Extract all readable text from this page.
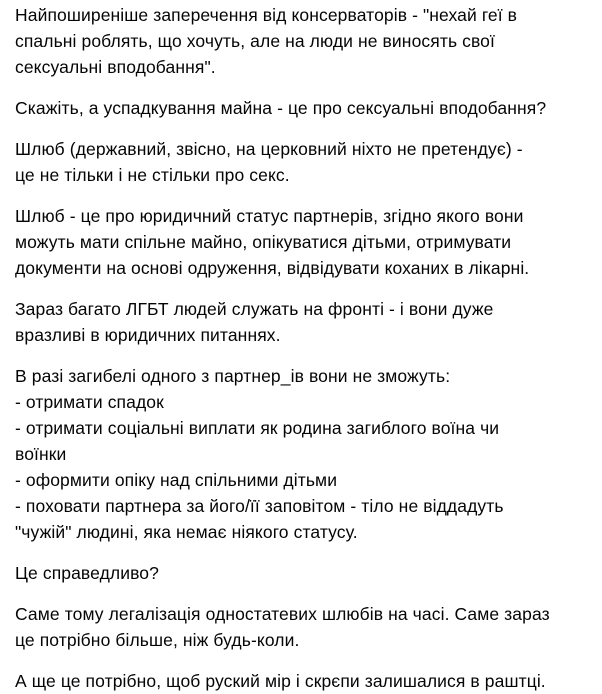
Найпоширеніше заперечення від консерваторів - "нехай геї в
спальні роблять, що хочуть, але на люди не виносять свої
сексуальні вподобання".

Скажіть, а успадкування майна - це про сексуальні вподобання?

Шлюб (державний, звісно, на церковний ніхто не претендує) -
це не тільки і не стільки про секс.

Шлюб - це про юридичний статус партнерів, згідно якого вони
можуть мати спільне майно, опікуватися дітьми, отримувати
документи на основі одруження, відвідувати коханих в лікарні.

Зараз багато ЛГБТ людей служать на фронті - і вони дуже
вразливі в юридичних питаннях.

В разі загибелі одного з партнер_ів вони не зможуть:
- отримати спадок
- отримати соціальні виплати як родина загиблого воїна чи
воїнки
- оформити опіку над спільними дітьми
- поховати партнера за його/її заповітом - тіло не віддадуть
"чужій" людині, яка немає ніякого статусу.

Це справедливо?

Саме тому легалізація одностатевих шлюбів на часі. Саме зараз
це потрібно більше, ніж будь-коли.

А ще це потрібно, щоб руский мір і скрєпи залишалися в раштці.
